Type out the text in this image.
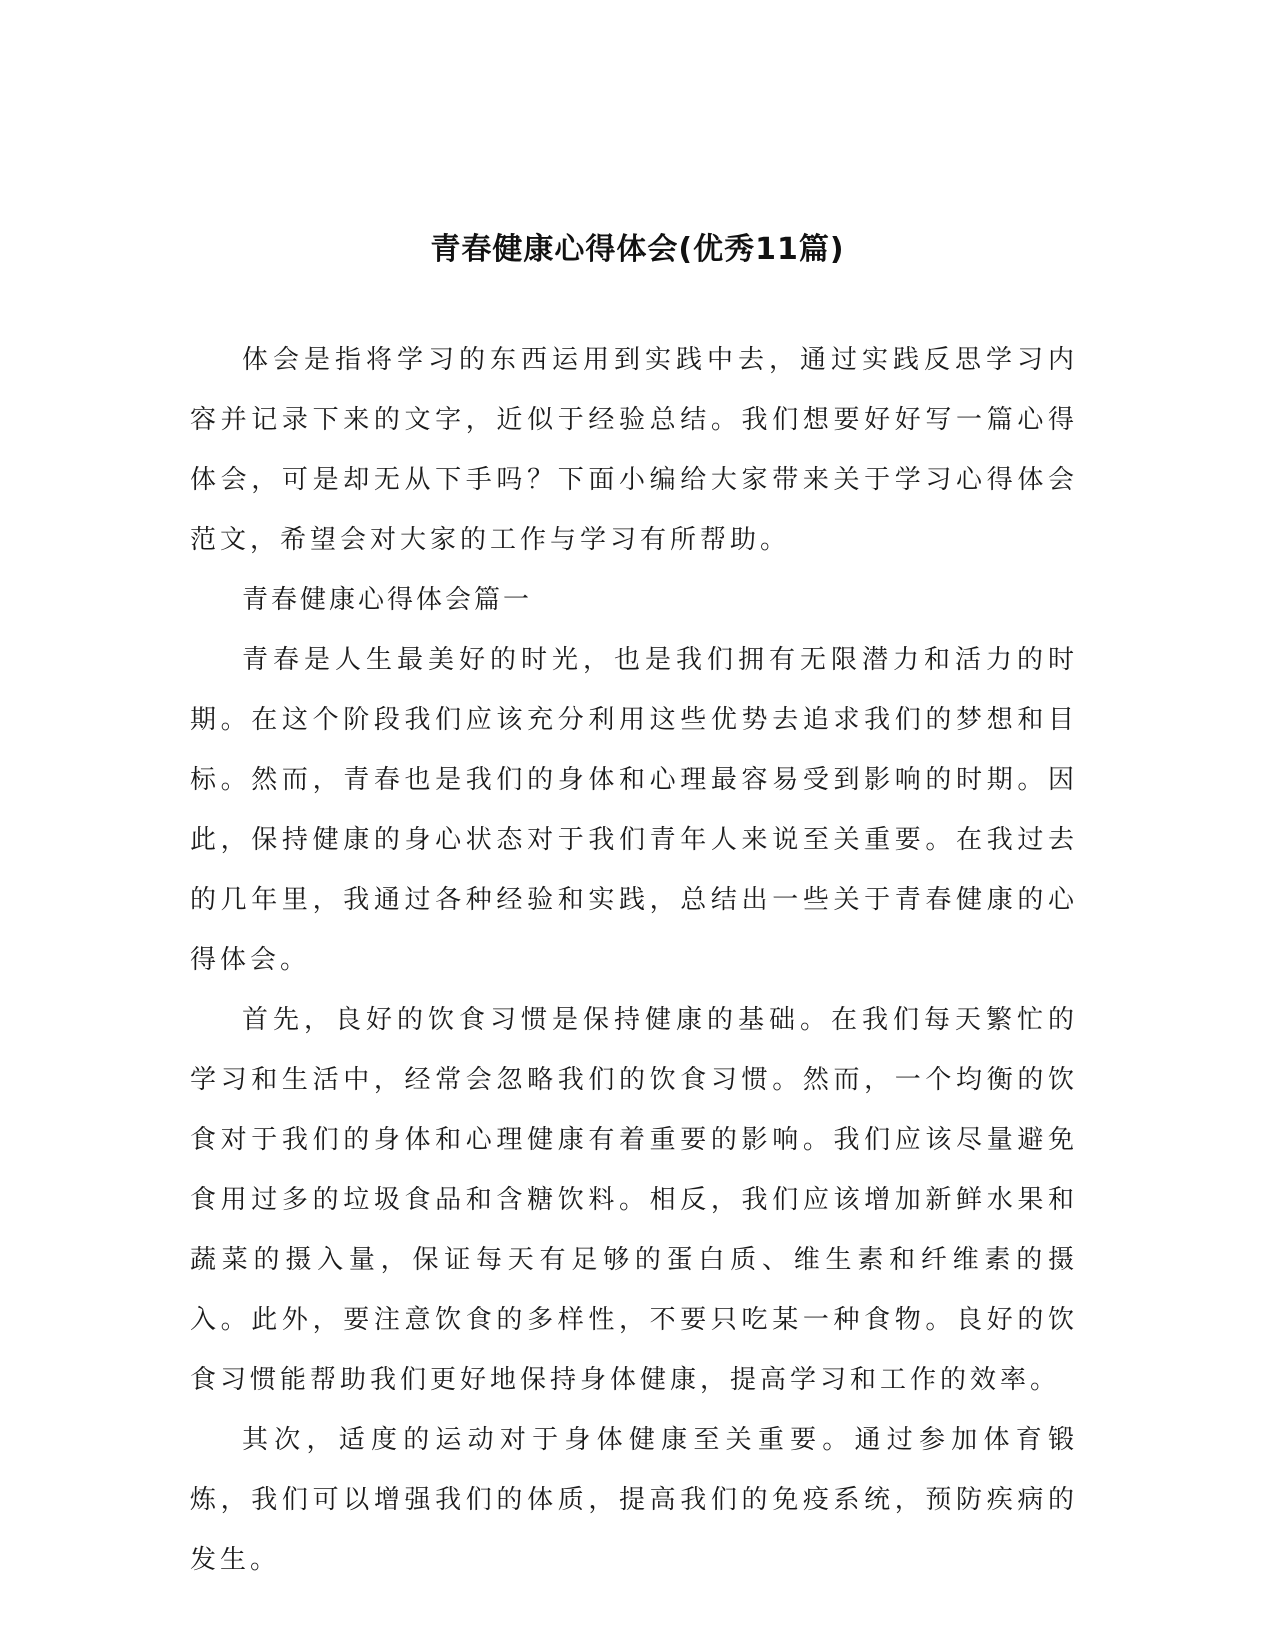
青春健康心得体会(优秀11篇)

体会是指将学习的东西运用到实践中去，通过实践反思学习内容并记录下来的文字，近似于经验总结。我们想要好好写一篇心得体会，可是却无从下手吗？下面小编给大家带来关于学习心得体会范文，希望会对大家的工作与学习有所帮助。

青春健康心得体会篇一

青春是人生最美好的时光，也是我们拥有无限潜力和活力的时期。在这个阶段我们应该充分利用这些优势去追求我们的梦想和目标。然而，青春也是我们的身体和心理最容易受到影响的时期。因此，保持健康的身心状态对于我们青年人来说至关重要。在我过去的几年里，我通过各种经验和实践，总结出一些关于青春健康的心得体会。

首先，良好的饮食习惯是保持健康的基础。在我们每天繁忙的学习和生活中，经常会忽略我们的饮食习惯。然而，一个均衡的饮食对于我们的身体和心理健康有着重要的影响。我们应该尽量避免食用过多的垃圾食品和含糖饮料。相反，我们应该增加新鲜水果和蔬菜的摄入量，保证每天有足够的蛋白质、维生素和纤维素的摄入。此外，要注意饮食的多样性，不要只吃某一种食物。良好的饮食习惯能帮助我们更好地保持身体健康，提高学习和工作的效率。

其次，适度的运动对于身体健康至关重要。通过参加体育锻炼，我们可以增强我们的体质，提高我们的免疫系统，预防疾病的发生。
